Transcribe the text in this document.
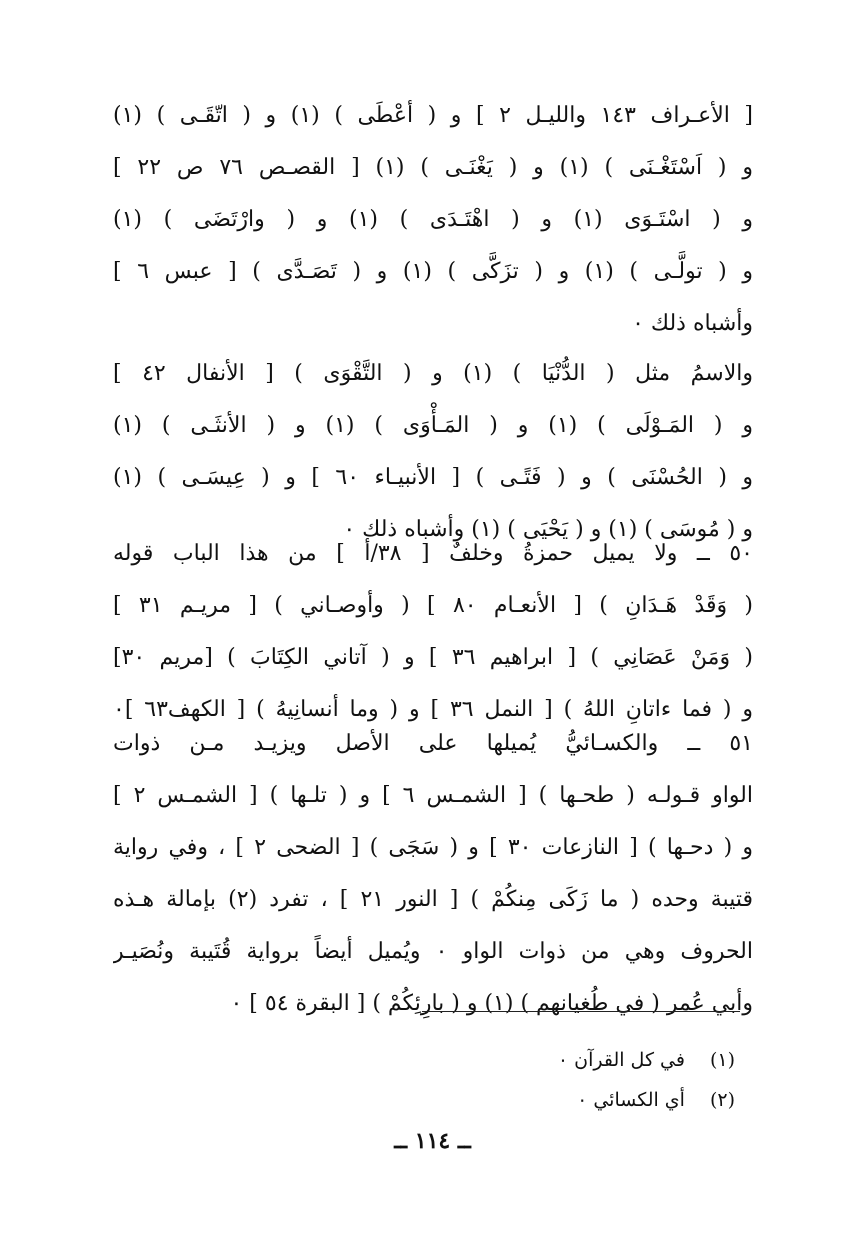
[ الأعـراف ١٤٣ والليـل ٢ ] و ( أعْطَى ) (١) و ( اتّقَـى ) (١)
و ( اَسْتَغْـنَى ) (١) و ( يَغْنَـى ) (١) [ القصـص ٧٦ ص ٢٢ ]
و ( اسْتَـوَى (١) و ( اهْتَـدَى ) (١) و ( وارْتَضَى ) (١)
و ( تولَّـى ) (١) و ( تزَكَّى ) (١) و ( تَصَـدَّى ) [ عبس ٦ ]
وأشباه ذلك ٠
والاسمُ مثل ( الدُّنْيَا ) (١) و ( التَّقْوَى ) [ الأنفال ٤٢ ]
و ( المَـوْلَى ) (١) و ( المَـأْوَى ) (١) و ( الأنثَـى ) (١)
و ( الحُسْنَى ) و ( فَتًـى ) [ الأنبيـاء ٦٠ ] و ( عِيسَـى ) (١)
و ( مُوسَى ) (١) و ( يَحْيَى ) (١) وأشباه ذلك ٠
٥٠ ــ ولا يميل حمزةُ وخلفٌ [ ٣٨/أ ] من هذا الباب قوله
( وَقَدْ هَـدَانِ ) [ الأنعـام ٨٠ ] ( وأوصـاني ) [ مريـم ٣١ ]
( وَمَنْ عَصَانِي ) [ ابراهيم ٣٦ ] و ( آتاني الكِتَابَ ) [مريم ٣٠]
و ( فما ءاتانِ اللهُ ) [ النمل ٣٦ ] و ( وما أنسانِيهُ ) [ الكهف٦٣ ]٠
٥١ ــ والكسـائيُّ يُميلها على الأصل ويزيـد مـن ذوات
الواو قـولـه ( طحـها ) [ الشمـس ٦ ] و ( تلـها ) [ الشمـس ٢ ]
و ( دحـها ) [ النازعات ٣٠ ] و ( سَجَى ) [ الضحى ٢ ] ، وفي رواية
قتيبة وحده ( ما زَكَى مِنكُمْ ) [ النور ٢١ ] ، تفرد (٢) بإمالة هـذه
الحروف وهي من ذوات الواو ٠ ويُميل أيضاً برواية قُتَيبة ونُصَيـر
وأبي عُمر ( في طُغيانهم ) (١) و ( بارِئِكُمْ ) [ البقرة ٥٤ ] ٠
(١) في كل القرآن ٠
(٢) أي الكسائي ٠
ــ ١١٤ ــ
